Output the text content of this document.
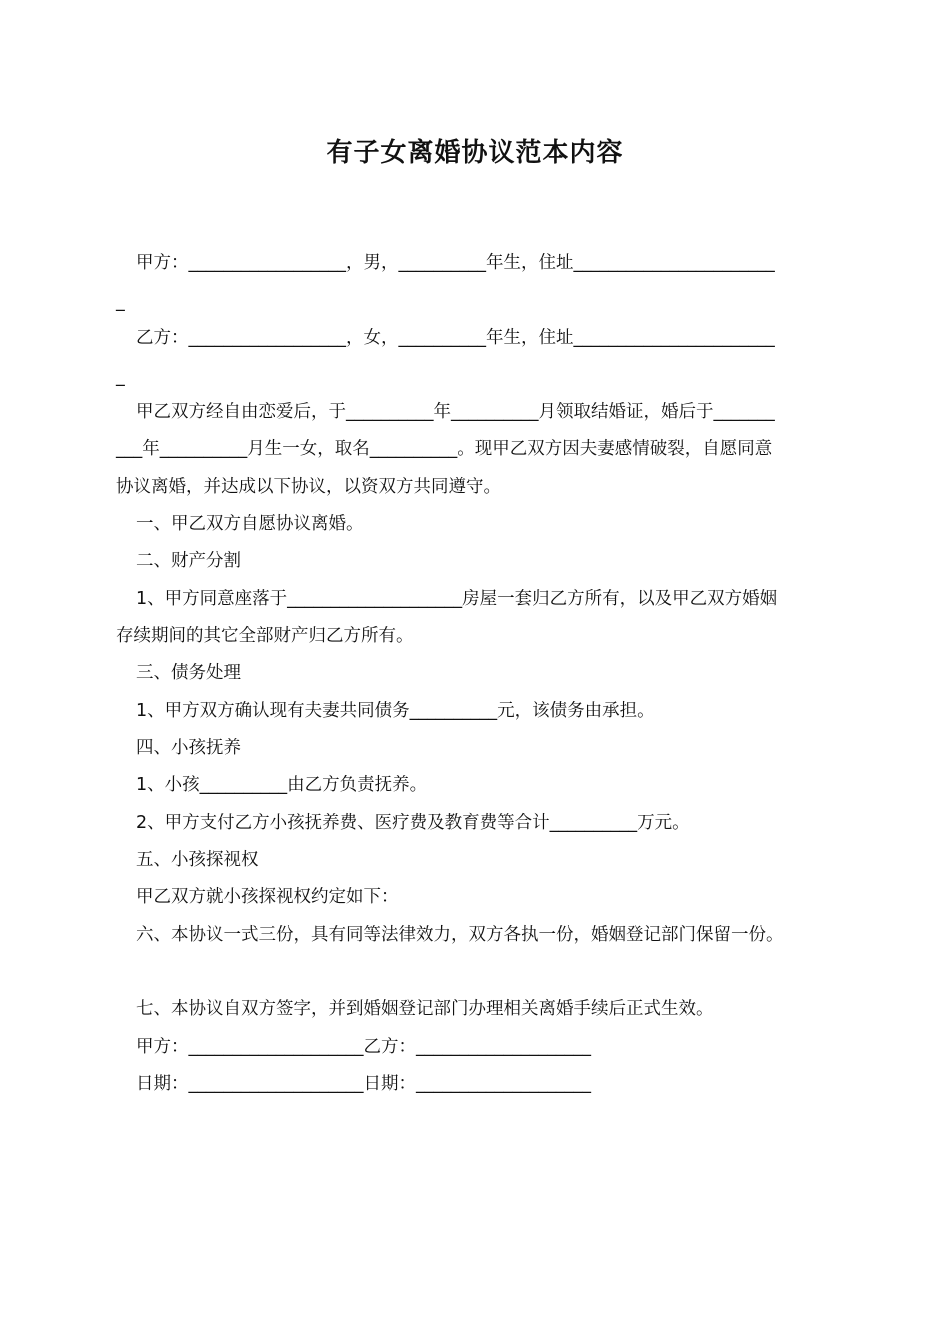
有子女离婚协议范本内容
甲方：__________________，男，__________年生，住址_______________________
_
乙方：__________________，女，__________年生，住址_______________________
_
甲乙双方经自由恋爱后，于__________年__________月领取结婚证，婚后于_______
___年__________月生一女，取名__________。现甲乙双方因夫妻感情破裂，自愿同意
协议离婚，并达成以下协议，以资双方共同遵守。
一、甲乙双方自愿协议离婚。
二、财产分割
1、甲方同意座落于____________________房屋一套归乙方所有，以及甲乙双方婚姻
存续期间的其它全部财产归乙方所有。
三、债务处理
1、甲方双方确认现有夫妻共同债务__________元，该债务由承担。
四、小孩抚养
1、小孩__________由乙方负责抚养。
2、甲方支付乙方小孩抚养费、医疗费及教育费等合计__________万元。
五、小孩探视权
甲乙双方就小孩探视权约定如下：
六、本协议一式三份，具有同等法律效力，双方各执一份，婚姻登记部门保留一份。
七、本协议自双方签字，并到婚姻登记部门办理相关离婚手续后正式生效。
甲方：____________________乙方：____________________
日期：____________________日期：____________________
